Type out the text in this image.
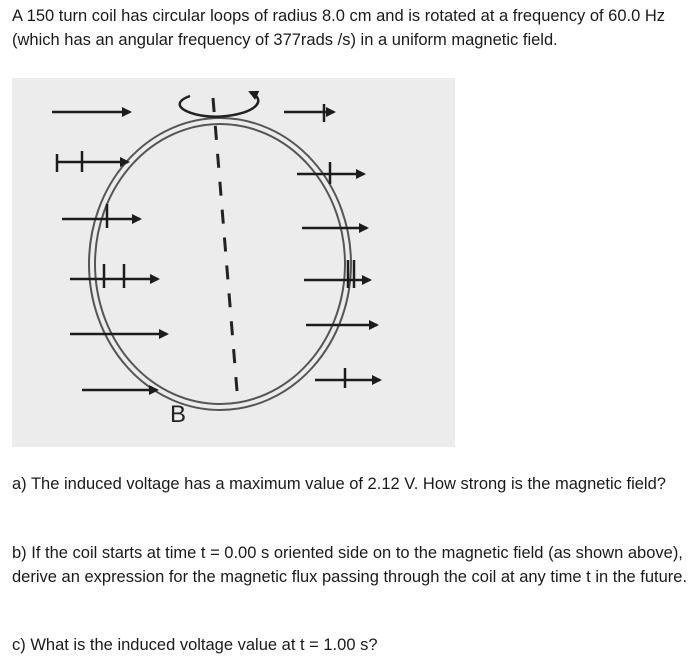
A 150 turn coil has circular loops of radius 8.0 cm and is rotated at a frequency of 60.0 Hz (which has an angular frequency of 377rads /s) in a uniform magnetic field.

B

a) The induced voltage has a maximum value of 2.12 V. How strong is the magnetic field?

b) If the coil starts at time t = 0.00 s oriented side on to the magnetic field (as shown above), derive an expression for the magnetic flux passing through the coil at any time t in the future.

c) What is the induced voltage value at t = 1.00 s?
